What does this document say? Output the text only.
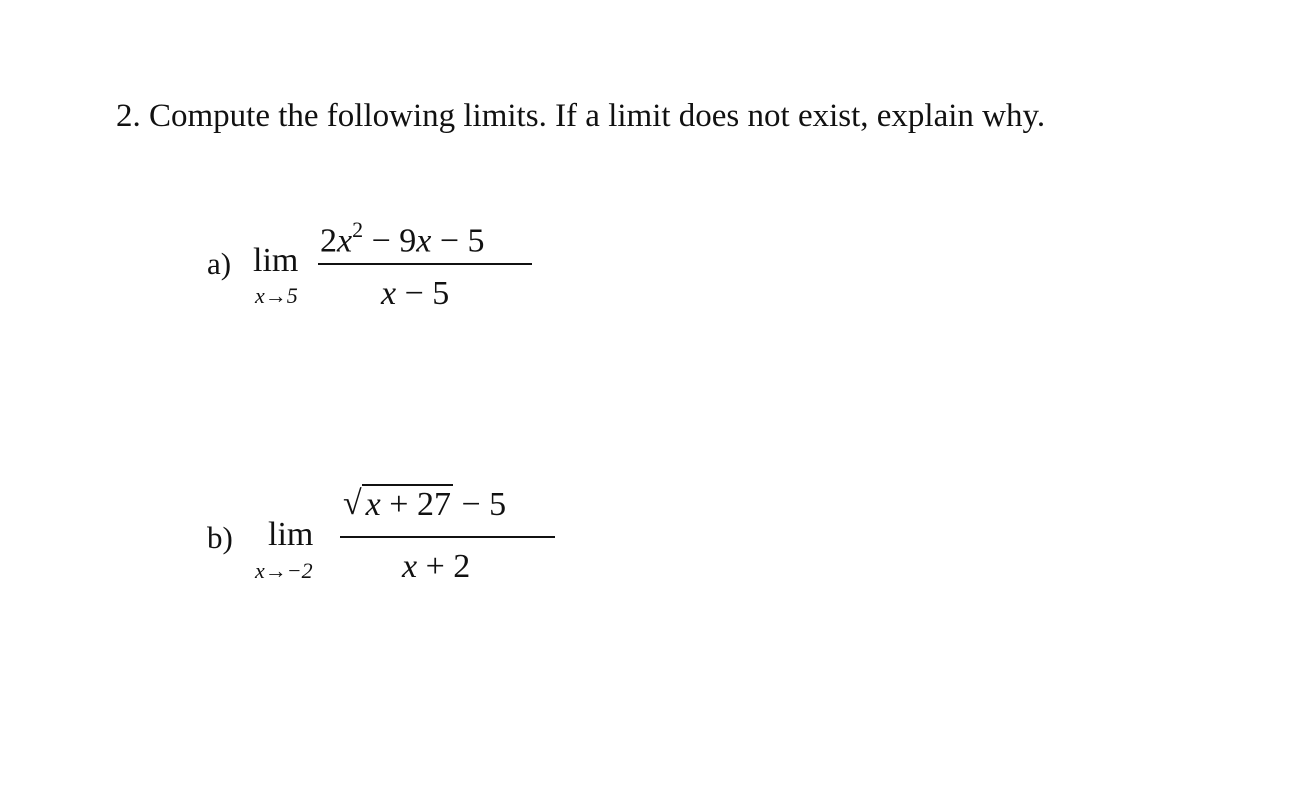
2. Compute the following limits. If a limit does not exist, explain why.
a) lim
x→5
$2x^2 - 9x - 5$
x − 5
b) lim
x→−2
√ x + 27 − 5
x + 2
